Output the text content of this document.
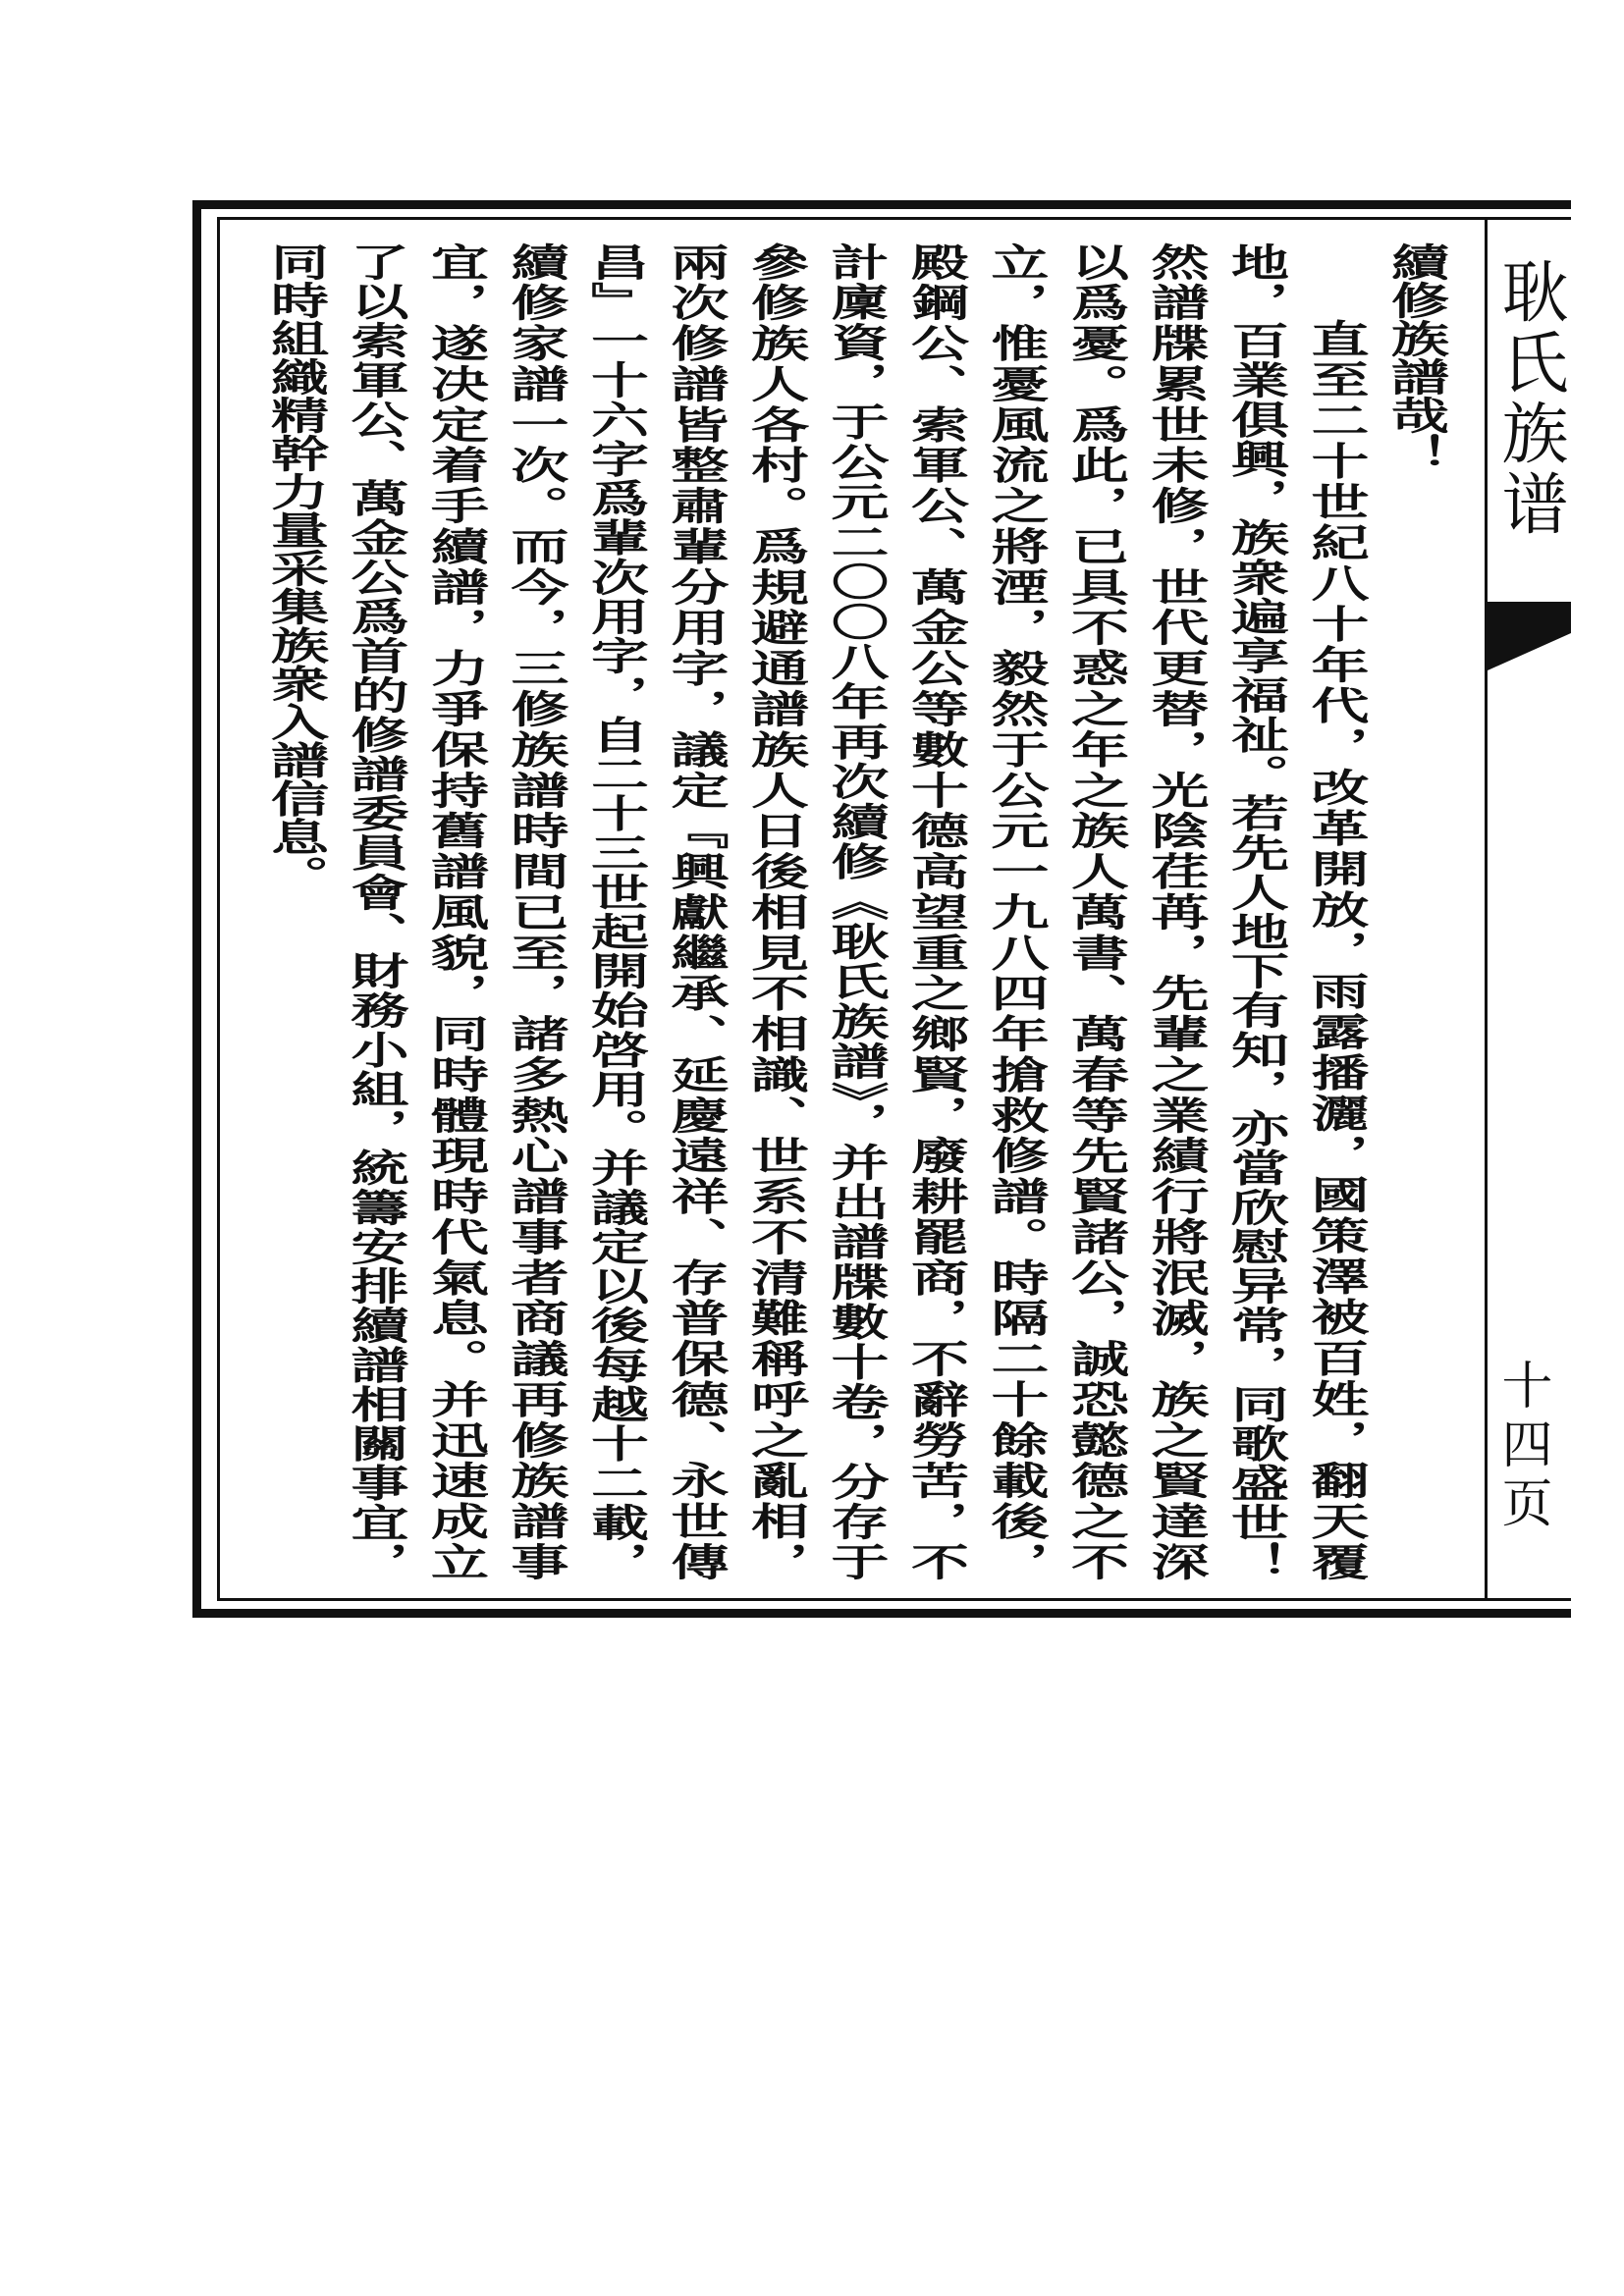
耿氏族谱
十四页
續修族譜哉！
直至二十世紀八十年代，改革開放，雨露播灑，國策澤被百姓，翻天覆
地，百業俱興，族衆遍享福祉。若先人地下有知，亦當欣慰异常，同歌盛世！
然譜牒累世未修，世代更替，光陰荏苒，先輩之業績行將泯滅，族之賢達深
以爲憂。爲此，已具不惑之年之族人萬書、萬春等先賢諸公，誠恐懿德之不
立，惟憂風流之將湮，毅然于公元一九八四年搶救修譜。時隔二十餘載後，
殿鋼公、索軍公、萬金公等數十德高望重之鄉賢，廢耕罷商，不辭勞苦，不
計廩資，于公元二〇〇八年再次續修《耿氏族譜》，并出譜牒數十卷，分存于
參修族人各村。爲規避通譜族人日後相見不相識、世系不清難稱呼之亂相，
兩次修譜皆整肅輩分用字，議定『興獻繼承、延慶遠祥、存普保德、永世傳
昌』一十六字爲輩次用字，自二十三世起開始啓用。并議定以後每越十二載，
續修家譜一次。而今，三修族譜時間已至，諸多熱心譜事者商議再修族譜事
宜，遂决定着手續譜，力爭保持舊譜風貌，同時體現時代氣息。并迅速成立
了以索軍公、萬金公爲首的修譜委員會、財務小組，統籌安排續譜相關事宜，
同時組織精幹力量采集族衆入譜信息。
